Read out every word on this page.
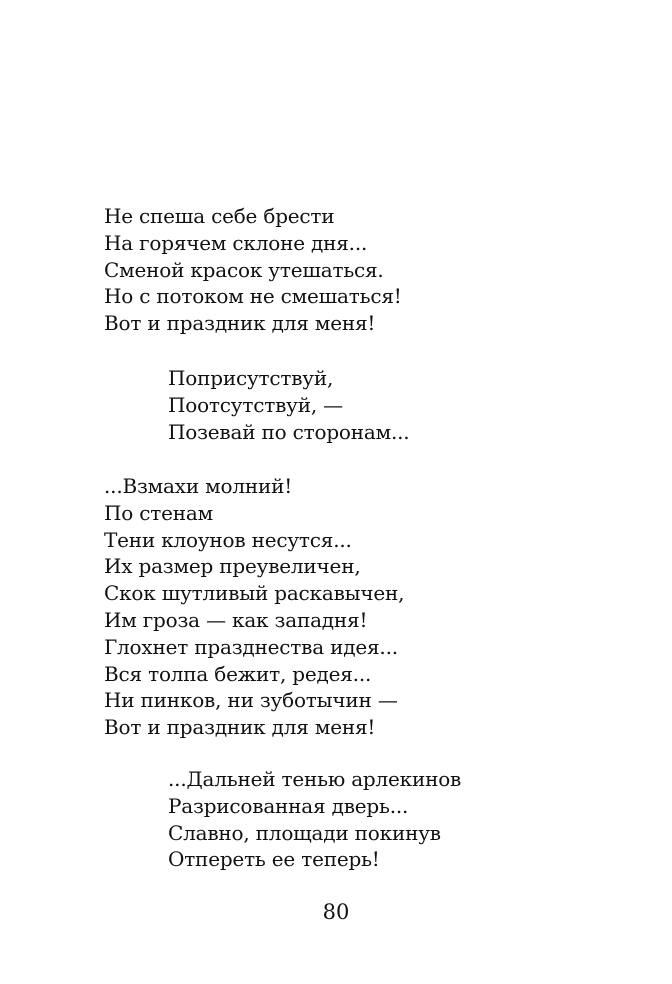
Не спеша себе брести
На горячем склоне дня...
Сменой красок утешаться.
Но с потоком не смешаться!
Вот и праздник для меня!
Поприсутствуй,
Поотсутствуй, —
Позевай по сторонам...
...Взмахи молний!
По стенам
Тени клоунов несутся...
Их размер преувеличен,
Скок шутливый раскавычен,
Им гроза — как западня!
Глохнет празднества идея...
Вся толпа бежит, редея...
Ни пинков, ни зуботычин —
Вот и праздник для меня!
...Дальней тенью арлекинов
Разрисованная дверь...
Славно, площади покинув
Отпереть ее теперь!
80
